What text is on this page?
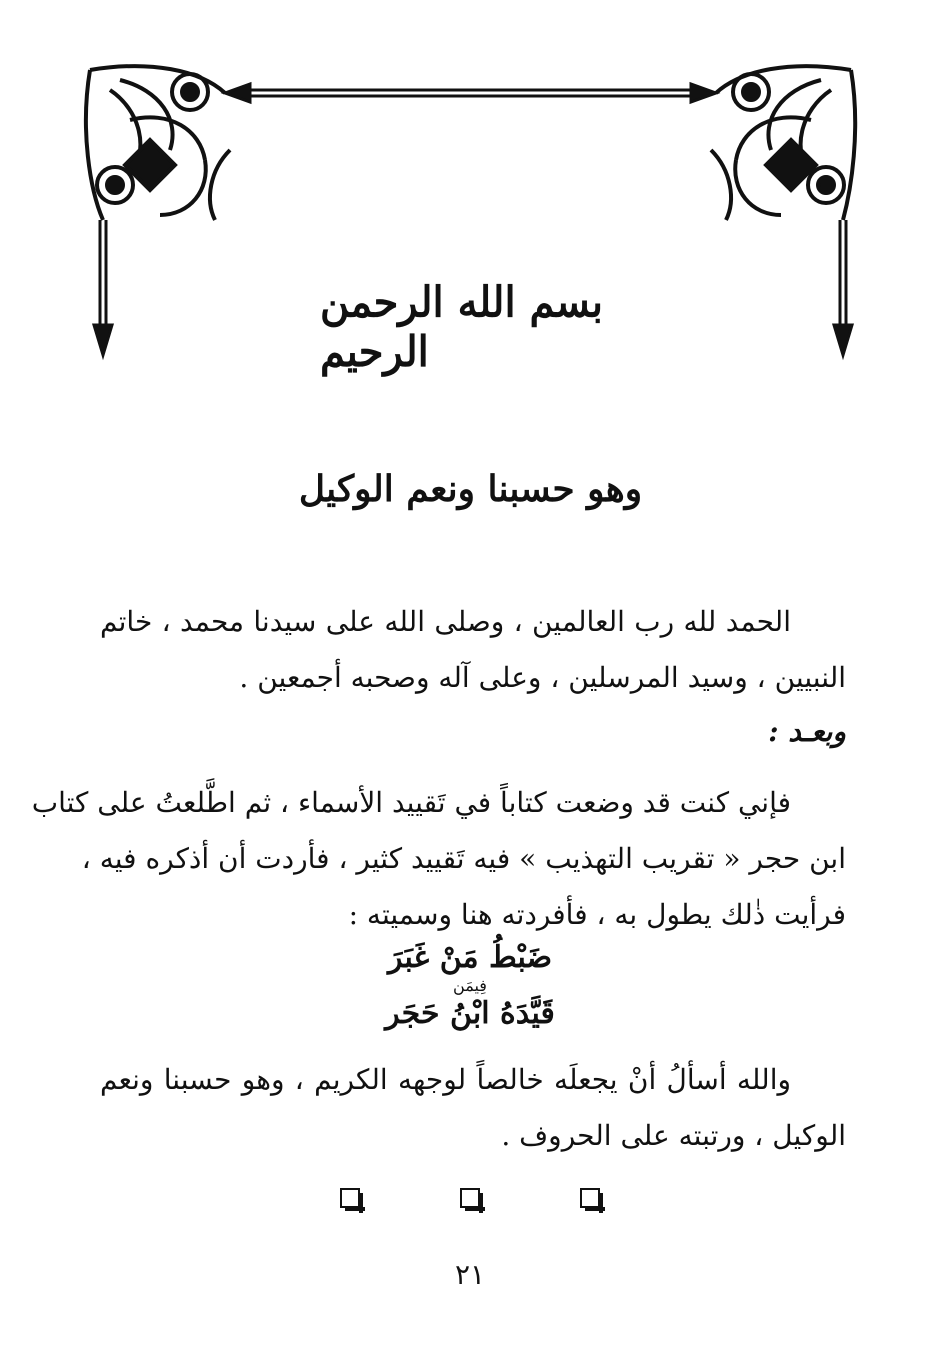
بسم الله الرحمن الرحيم
وهو حسبنا ونعم الوكيل
الحمد لله رب العالمين ، وصلى الله على سيدنا محمد ، خاتم
النبيين ، وسيد المرسلين ، وعلى آله وصحبه أجمعين .
وبعـد :
فإني كنت قد وضعت كتاباً في تَقييد الأسماء ، ثم اطَّلعتُ على كتاب
ابن حجر « تقريب التهذيب » فيه تَقييد كثير ، فأردت أن أذكره فيه ،
فرأيت ذٰلك يطول به ، فأفردته هنا وسميته :
ضَبْطُ مَنْ غَبَرَ
فِيمَن
قَيَّدَهُ ابْنُ حَجَر
والله أسألُ أنْ يجعلَه خالصاً لوجهه الكريم ، وهو حسبنا ونعم
الوكيل ، ورتبته على الحروف .
٢١
